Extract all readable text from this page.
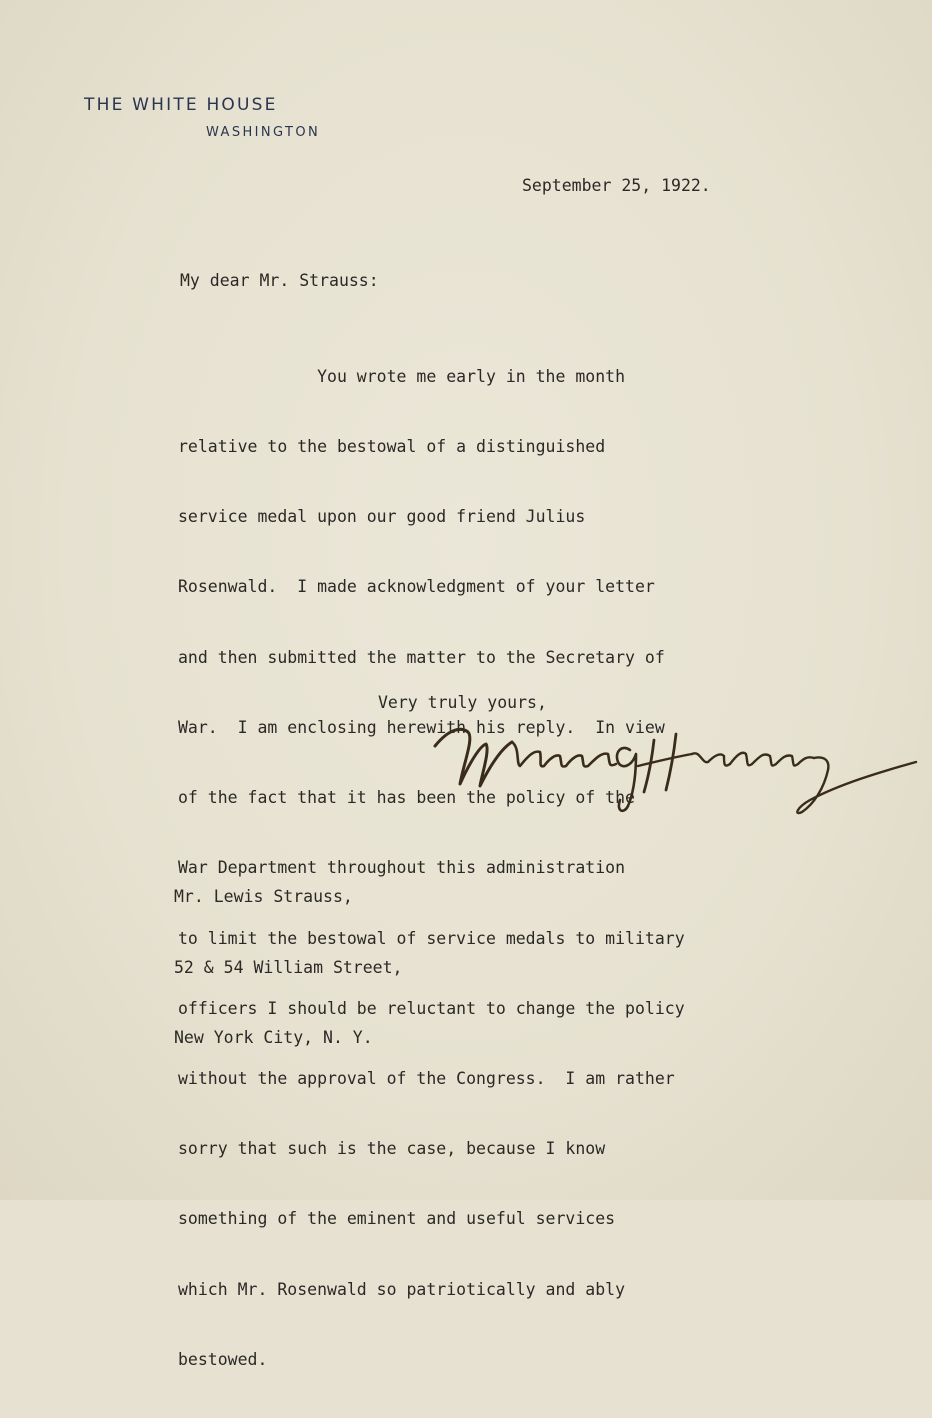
THE WHITE HOUSE
WASHINGTON
September 25, 1922.
My dear Mr. Strauss:

You wrote me early in the month

relative to the bestowal of a distinguished

service medal upon our good friend Julius

Rosenwald.  I made acknowledgment of your letter

and then submitted the matter to the Secretary of

War.  I am enclosing herewith his reply.  In view

of the fact that it has been the policy of the

War Department throughout this administration

to limit the bestowal of service medals to military

officers I should be reluctant to change the policy

without the approval of the Congress.  I am rather

sorry that such is the case, because I know

something of the eminent and useful services

which Mr. Rosenwald so patriotically and ably

bestowed.

Very truly yours,

Mr. Lewis Strauss,

52 & 54 William Street,

New York City, N. Y.
